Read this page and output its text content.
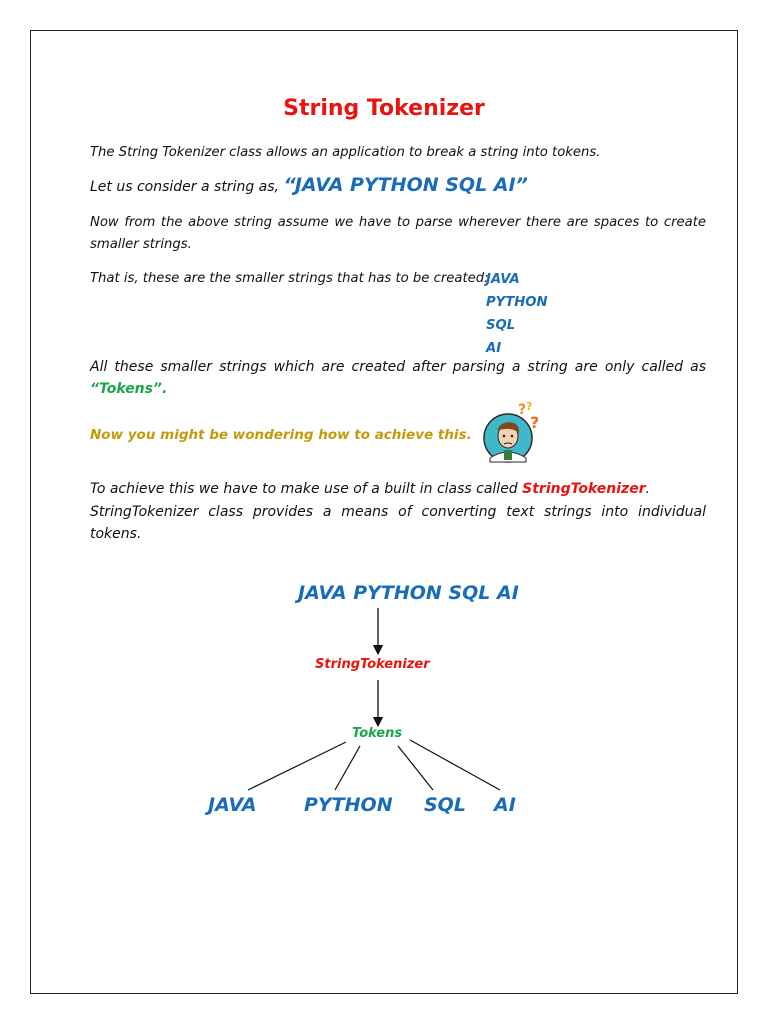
String Tokenizer
The String Tokenizer class allows an application to break a string into tokens.
Let us consider a string as, “JAVA PYTHON SQL AI”
Now from the above string assume we have to parse wherever there are spaces to create smaller strings.
That is, these are the smaller strings that has to be created:
JAVA
PYTHON
SQL
AI
All these smaller strings which are created after parsing a string are only called as “Tokens”.
Now you might be wondering how to achieve this.
? ?
?
To achieve this we have to make use of a built in class called StringTokenizer.
StringTokenizer class provides a means of converting text strings into individual tokens.
JAVA PYTHON SQL AI
StringTokenizer
Tokens
JAVA PYTHON SQL AI
